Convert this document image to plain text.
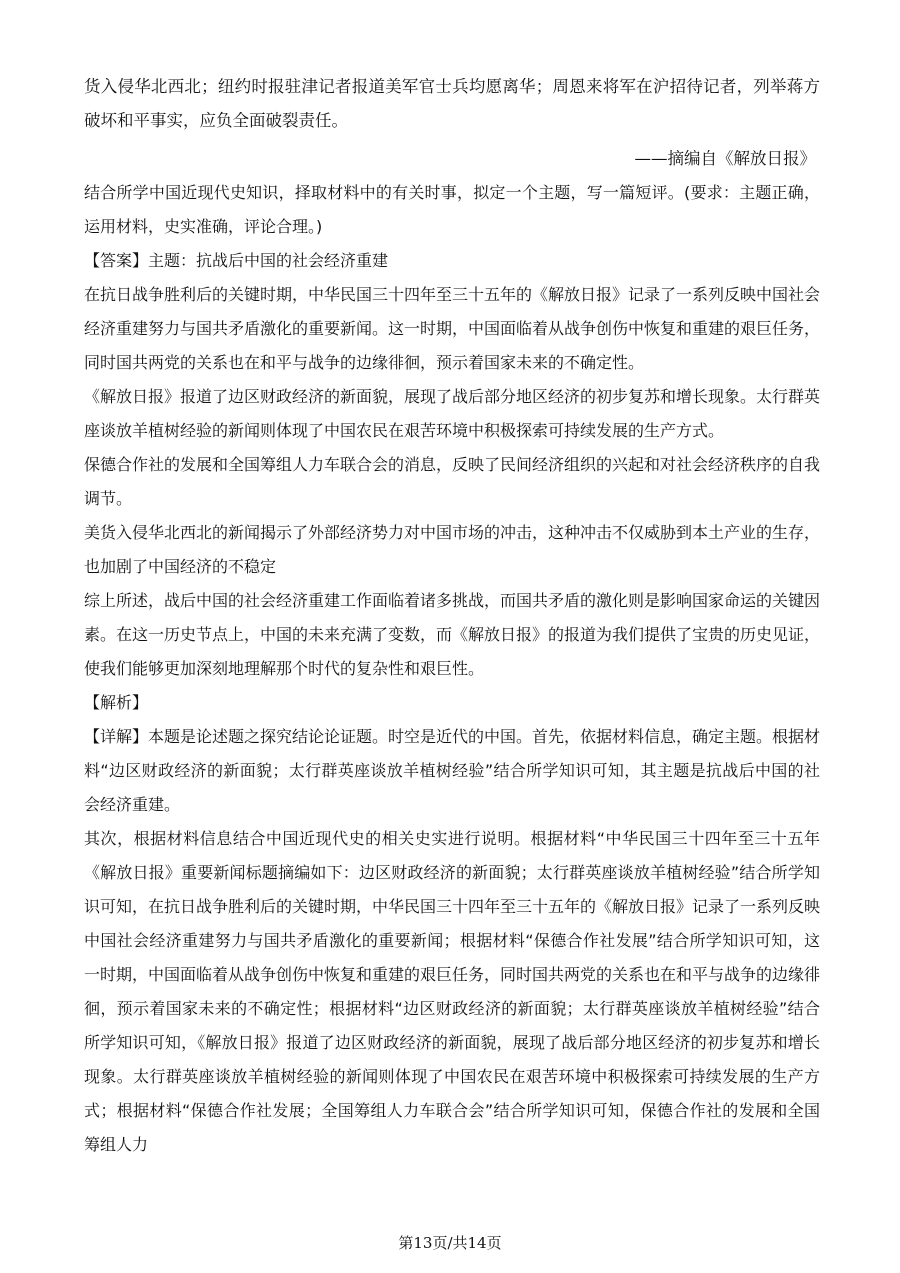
货入侵华北西北；纽约时报驻津记者报道美军官士兵均愿离华；周恩来将军在沪招待记者，列举蒋方破坏和平事实，应负全面破裂责任。

——摘编自《解放日报》

结合所学中国近现代史知识，择取材料中的有关时事，拟定一个主题，写一篇短评。(要求：主题正确，运用材料，史实准确，评论合理。)

【答案】主题：抗战后中国的社会经济重建

在抗日战争胜利后的关键时期，中华民国三十四年至三十五年的《解放日报》记录了一系列反映中国社会经济重建努力与国共矛盾激化的重要新闻。这一时期，中国面临着从战争创伤中恢复和重建的艰巨任务，同时国共两党的关系也在和平与战争的边缘徘徊，预示着国家未来的不确定性。

《解放日报》报道了边区财政经济的新面貌，展现了战后部分地区经济的初步复苏和增长现象。太行群英座谈放羊植树经验的新闻则体现了中国农民在艰苦环境中积极探索可持续发展的生产方式。

保德合作社的发展和全国筹组人力车联合会的消息，反映了民间经济组织的兴起和对社会经济秩序的自我调节。

美货入侵华北西北的新闻揭示了外部经济势力对中国市场的冲击，这种冲击不仅威胁到本土产业的生存，也加剧了中国经济的不稳定

综上所述，战后中国的社会经济重建工作面临着诸多挑战，而国共矛盾的激化则是影响国家命运的关键因素。在这一历史节点上，中国的未来充满了变数，而《解放日报》的报道为我们提供了宝贵的历史见证，使我们能够更加深刻地理解那个时代的复杂性和艰巨性。

【解析】

【详解】本题是论述题之探究结论论证题。时空是近代的中国。首先，依据材料信息，确定主题。根据材料“边区财政经济的新面貌；太行群英座谈放羊植树经验”结合所学知识可知，其主题是抗战后中国的社会经济重建。

其次，根据材料信息结合中国近现代史的相关史实进行说明。根据材料“中华民国三十四年至三十五年《解放日报》重要新闻标题摘编如下：边区财政经济的新面貌；太行群英座谈放羊植树经验”结合所学知识可知，在抗日战争胜利后的关键时期，中华民国三十四年至三十五年的《解放日报》记录了一系列反映中国社会经济重建努力与国共矛盾激化的重要新闻；根据材料“保德合作社发展”结合所学知识可知，这一时期，中国面临着从战争创伤中恢复和重建的艰巨任务，同时国共两党的关系也在和平与战争的边缘徘徊，预示着国家未来的不确定性；根据材料“边区财政经济的新面貌；太行群英座谈放羊植树经验”结合所学知识可知，《解放日报》报道了边区财政经济的新面貌，展现了战后部分地区经济的初步复苏和增长现象。太行群英座谈放羊植树经验的新闻则体现了中国农民在艰苦环境中积极探索可持续发展的生产方式；根据材料“保德合作社发展；全国筹组人力车联合会”结合所学知识可知，保德合作社的发展和全国筹组人力

第13页/共14页
